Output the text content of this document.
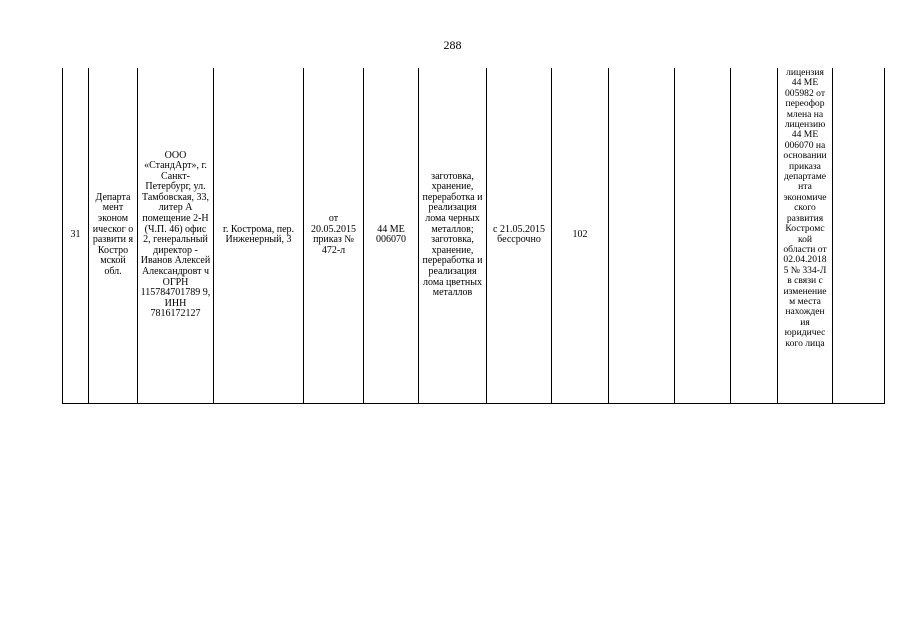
288
31	Департа мент эконом ическог о развити я Костро мской обл.	ООО «СтандАрт», г. Санкт-Петербург, ул. Тамбовская, 33, литер А помещение 2-Н (Ч.П. 46) офис 2, генеральный директор - Иванов Алексей Александровт ч ОГРН 115784701789 9, ИНН 7816172127	г. Кострома, пер. Инженерный, 3	от 20.05.2015 приказ № 472-л	44 МЕ 006070	заготовка, хранение, переработка и реализация лома черных металлов; заготовка, хранение, переработка и реализация лома цветных металлов	с 21.05.2015 бессрочно	102				лицензия 44 МЕ 005982 от переофор млена на лицензию 44 МЕ 006070 на основании приказа департаме нта экономиче ского развития Костромс кой области от 02.04.2018 5 № 334-Л в связи с изменение м места нахожден ия юридичес кого лица	
